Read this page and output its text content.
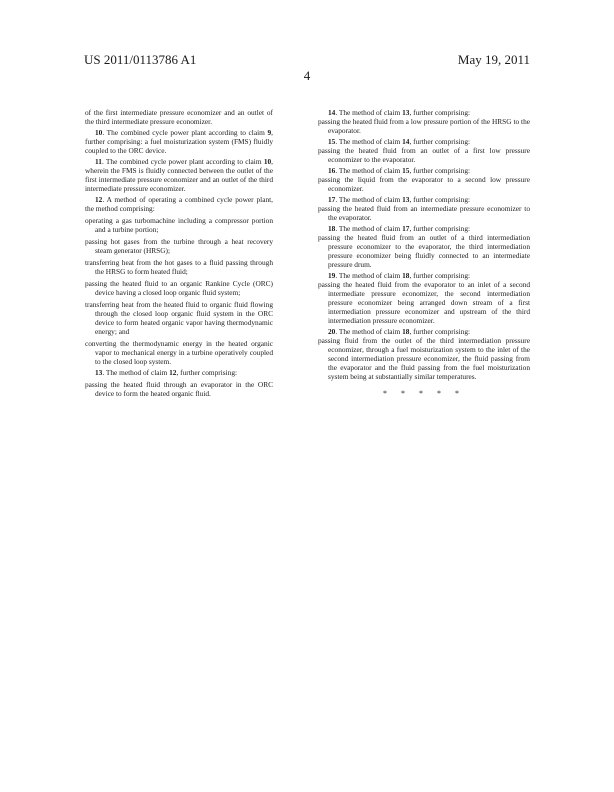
US 2011/0113786 A1	May 19, 2011
4

of the first intermediate pressure economizer and an outlet of the third intermediate pressure economizer.

10. The combined cycle power plant according to claim 9, further comprising: a fuel moisturization system (FMS) fluidly coupled to the ORC device.

11. The combined cycle power plant according to claim 10, wherein the FMS is fluidly connected between the outlet of the first intermediate pressure economizer and an outlet of the third intermediate pressure economizer.

12. A method of operating a combined cycle power plant, the method comprising:

operating a gas turbomachine including a compressor portion and a turbine portion;

passing hot gases from the turbine through a heat recovery steam generator (HRSG);

transferring heat from the hot gases to a fluid passing through the HRSG to form heated fluid;

passing the heated fluid to an organic Rankine Cycle (ORC) device having a closed loop organic fluid system;

transferring heat from the heated fluid to organic fluid flowing through the closed loop organic fluid system in the ORC device to form heated organic vapor having thermodynamic energy; and

converting the thermodynamic energy in the heated organic vapor to mechanical energy in a turbine operatively coupled to the closed loop system.

13. The method of claim 12, further comprising:

passing the heated fluid through an evaporator in the ORC device to form the heated organic fluid.

14. The method of claim 13, further comprising:

passing the heated fluid from a low pressure portion of the HRSG to the evaporator.

15. The method of claim 14, further comprising:

passing the heated fluid from an outlet of a first low pressure economizer to the evaporator.

16. The method of claim 15, further comprising:

passing the liquid from the evaporator to a second low pressure economizer.

17. The method of claim 13, further comprising:

passing the heated fluid from an intermediate pressure economizer to the evaporator.

18. The method of claim 17, further comprising:

passing the heated fluid from an outlet of a third intermediation pressure economizer to the evaporator, the third intermediation pressure economizer being fluidly connected to an intermediate pressure drum.

19. The method of claim 18, further comprising:

passing the heated fluid from the evaporator to an inlet of a second intermediate pressure economizer, the second intermediation pressure economizer being arranged down stream of a first intermediation pressure economizer and upstream of the third intermediation pressure economizer.

20. The method of claim 18, further comprising:

passing fluid from the outlet of the third intermediation pressure economizer, through a fuel moisturization system to the inlet of the second intermediation pressure economizer, the fluid passing from the evaporator and the fluid passing from the fuel moisturization system being at substantially similar temperatures.

* * * * *
